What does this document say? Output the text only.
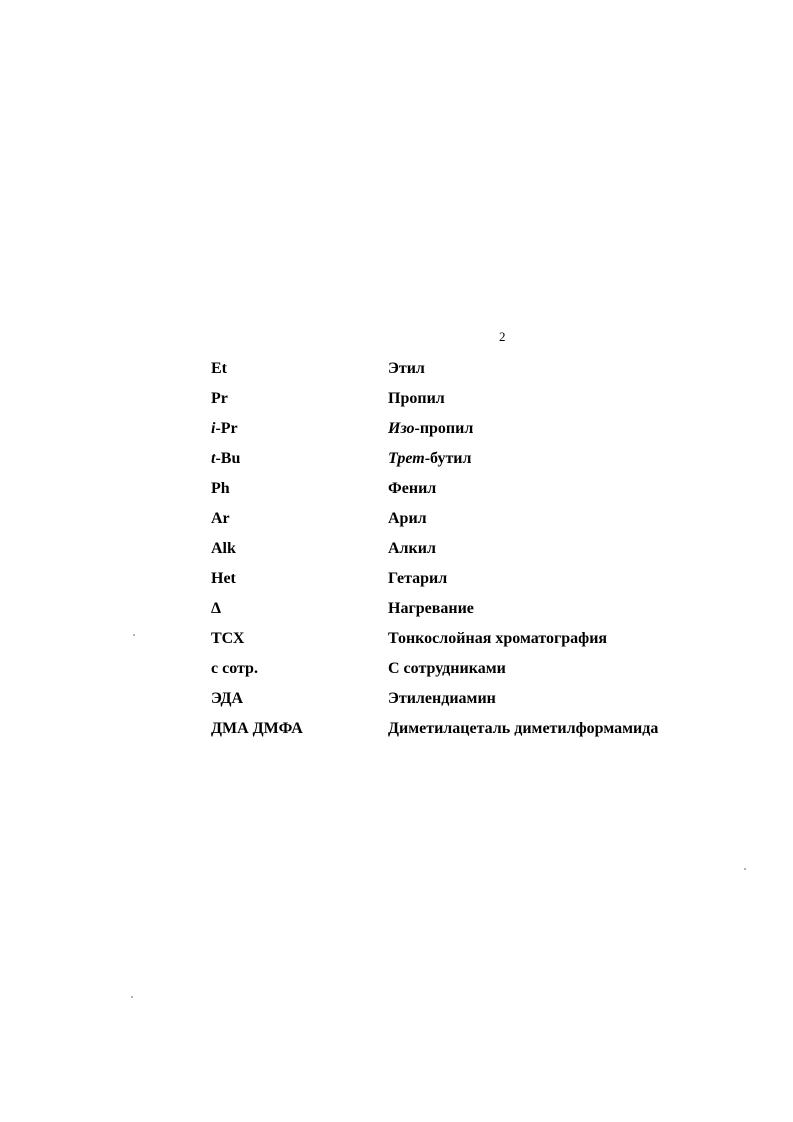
2
Et	Этил
Pr	Пропил
i-Pr	Изо-пропил
t-Bu	Трет-бутил
Ph	Фенил
Ar	Арил
Alk	Алкил
Het	Гетарил
Δ	Нагревание
ТСХ	Тонкослойная хроматография
с сотр.	С сотрудниками
ЭДА	Этилендиамин
ДМА ДМФА	Диметилацеталь диметилформамида
